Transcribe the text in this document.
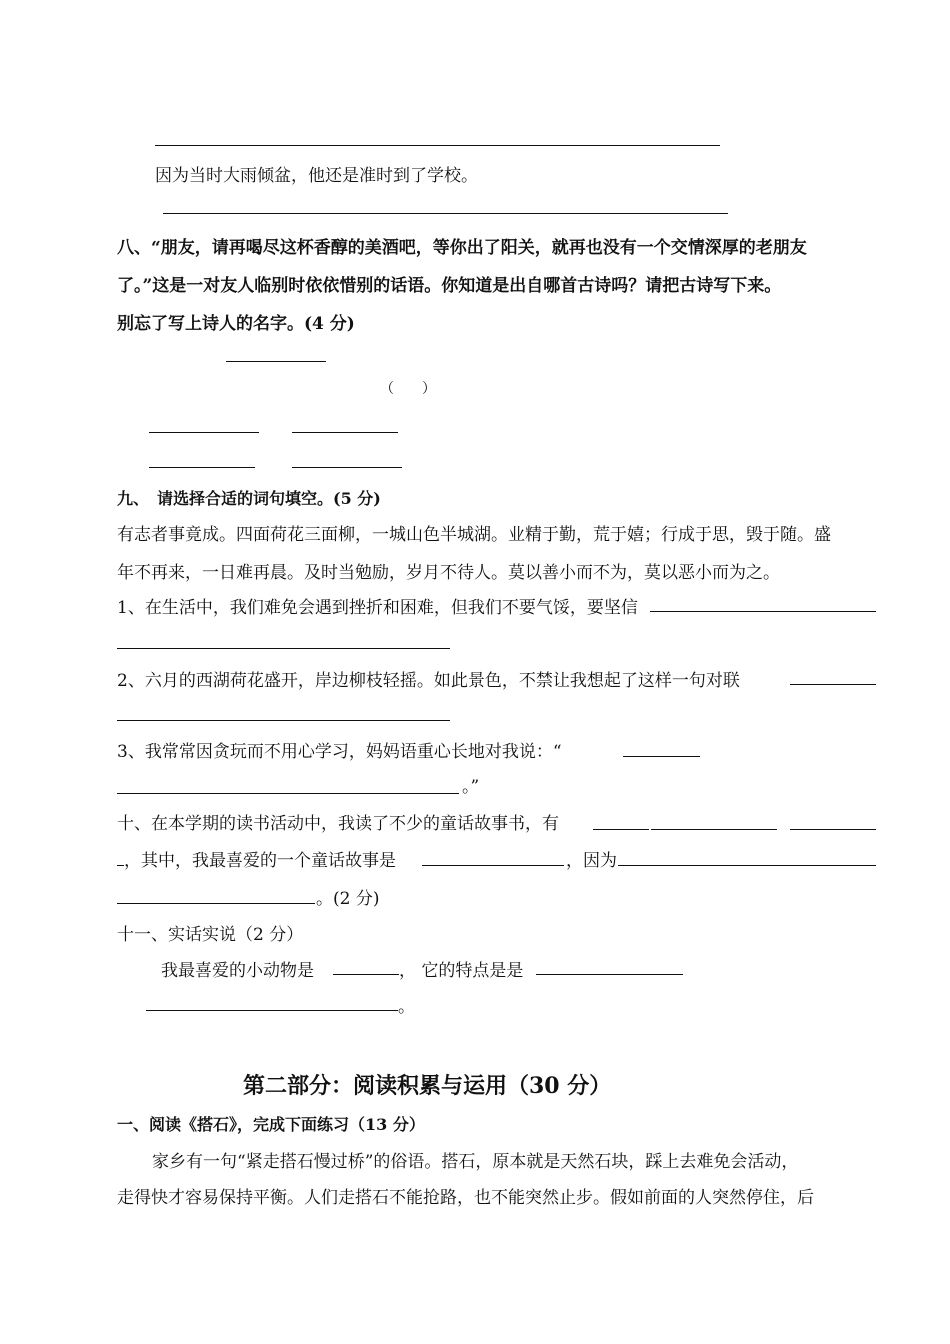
因为当时大雨倾盆，他还是准时到了学校。
八、“朋友，请再喝尽这杯香醇的美酒吧，等你出了阳关，就再也没有一个交情深厚的老朋友
了。”这是一对友人临别时依依惜别的话语。你知道是出自哪首古诗吗？请把古诗写下来。
别忘了写上诗人的名字。(4 分)
（　　）
九、　请选择合适的词句填空。(5 分)
有志者事竟成。四面荷花三面柳，一城山色半城湖。业精于勤，荒于嬉；行成于思，毁于随。盛
年不再来，一日难再晨。及时当勉励，岁月不待人。莫以善小而不为，莫以恶小而为之。
1、在生活中，我们难免会遇到挫折和困难，但我们不要气馁，要坚信
2、六月的西湖荷花盛开，岸边柳枝轻摇。如此景色，不禁让我想起了这样一句对联
3、我常常因贪玩而不用心学习，妈妈语重心长地对我说：“
。”
十、在本学期的读书活动中，我读了不少的童话故事书，有
，其中，我最喜爱的一个童话故事是	，因为
。(2 分)
十一、实话实说（2 分）
我最喜爱的小动物是	， 它的特点是是
。
第二部分：阅读积累与运用（30 分）
一、阅读《搭石》，完成下面练习（13 分）
家乡有一句“紧走搭石慢过桥”的俗语。搭石，原本就是天然石块，踩上去难免会活动，
走得快才容易保持平衡。人们走搭石不能抢路，也不能突然止步。假如前面的人突然停住，后
